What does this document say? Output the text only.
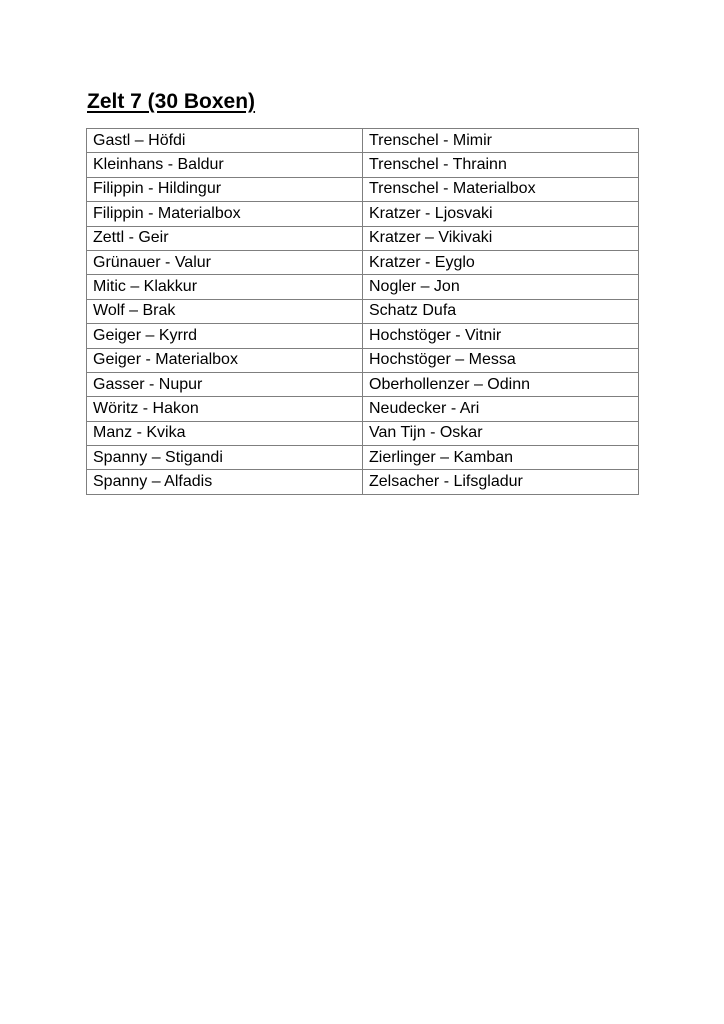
Zelt 7 (30 Boxen)
Gastl – Höfdi	Trenschel - Mimir
Kleinhans - Baldur	Trenschel - Thrainn
Filippin - Hildingur	Trenschel - Materialbox
Filippin - Materialbox	Kratzer - Ljosvaki
Zettl - Geir	Kratzer – Vikivaki
Grünauer - Valur	Kratzer - Eyglo
Mitic – Klakkur	Nogler – Jon
Wolf – Brak	Schatz Dufa
Geiger – Kyrrd	Hochstöger - Vitnir
Geiger - Materialbox	Hochstöger – Messa
Gasser - Nupur	Oberhollenzer – Odinn
Wöritz - Hakon	Neudecker - Ari
Manz - Kvika	Van Tijn - Oskar
Spanny – Stigandi	Zierlinger – Kamban
Spanny – Alfadis	Zelsacher - Lifsgladur
